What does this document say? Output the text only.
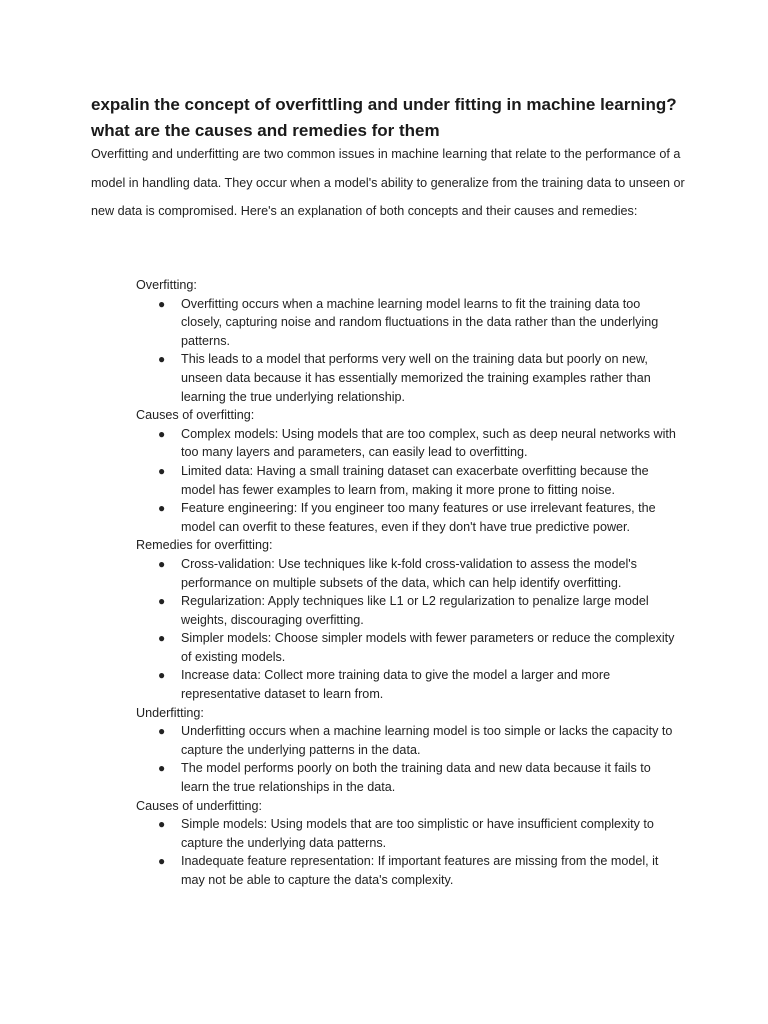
expalin the concept of overfittling and under fitting in machine learning? what are the causes and remedies for them

Overfitting and underfitting are two common issues in machine learning that relate to the performance of a model in handling data. They occur when a model's ability to generalize from the training data to unseen or new data is compromised. Here's an explanation of both concepts and their causes and remedies:

Overfitting:

● Overfitting occurs when a machine learning model learns to fit the training data too closely, capturing noise and random fluctuations in the data rather than the underlying patterns.
● This leads to a model that performs very well on the training data but poorly on new, unseen data because it has essentially memorized the training examples rather than learning the true underlying relationship.

Causes of overfitting:

● Complex models: Using models that are too complex, such as deep neural networks with too many layers and parameters, can easily lead to overfitting.
● Limited data: Having a small training dataset can exacerbate overfitting because the model has fewer examples to learn from, making it more prone to fitting noise.
● Feature engineering: If you engineer too many features or use irrelevant features, the model can overfit to these features, even if they don't have true predictive power.

Remedies for overfitting:

● Cross-validation: Use techniques like k-fold cross-validation to assess the model's performance on multiple subsets of the data, which can help identify overfitting.
● Regularization: Apply techniques like L1 or L2 regularization to penalize large model weights, discouraging overfitting.
● Simpler models: Choose simpler models with fewer parameters or reduce the complexity of existing models.
● Increase data: Collect more training data to give the model a larger and more representative dataset to learn from.

Underfitting:

● Underfitting occurs when a machine learning model is too simple or lacks the capacity to capture the underlying patterns in the data.
● The model performs poorly on both the training data and new data because it fails to learn the true relationships in the data.

Causes of underfitting:

● Simple models: Using models that are too simplistic or have insufficient complexity to capture the underlying data patterns.
● Inadequate feature representation: If important features are missing from the model, it may not be able to capture the data's complexity.
